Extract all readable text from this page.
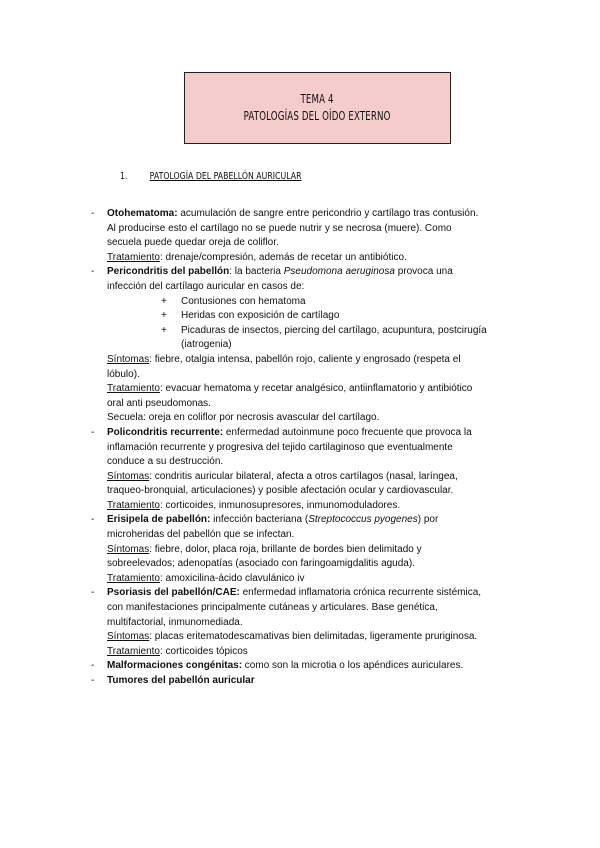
TEMA 4
PATOLOGÍAS DEL OÍDO EXTERNO
1. PATOLOGÍA DEL PABELLÓN AURICULAR
- Otohematoma: acumulación de sangre entre pericondrio y cartílago tras contusión.
Al producirse esto el cartílago no se puede nutrir y se necrosa (muere). Como
secuela puede quedar oreja de coliflor.
Tratamiento: drenaje/compresión, además de recetar un antibiótico.
- Pericondritis del pabellón: la bacteria Pseudomona aeruginosa provoca una
infección del cartílago auricular en casos de:
+ Contusiones con hematoma
+ Heridas con exposición de cartílago
+ Picaduras de insectos, piercing del cartílago, acupuntura, postcirugía
(iatrogenia)
Síntomas: fiebre, otalgia intensa, pabellón rojo, caliente y engrosado (respeta el
lóbulo).
Tratamiento: evacuar hematoma y recetar analgésico, antiinflamatorio y antibiótico
oral anti pseudomonas.
Secuela: oreja en coliflor por necrosis avascular del cartílago.
- Policondritis recurrente: enfermedad autoinmune poco frecuente que provoca la
inflamación recurrente y progresiva del tejido cartilaginoso que eventualmente
conduce a su destrucción.
Síntomas: condritis auricular bilateral, afecta a otros cartílagos (nasal, laríngea,
traqueo-bronquial, articulaciones) y posible afectación ocular y cardiovascular.
Tratamiento: corticoides, inmunosupresores, inmunomoduladores.
- Erisipela de pabellón: infección bacteriana (Streptococcus pyogenes) por
microheridas del pabellón que se infectan.
Síntomas: fiebre, dolor, placa roja, brillante de bordes bien delimitado y
sobreelevados; adenopatías (asociado con faringoamigdalitis aguda).
Tratamiento: amoxicilina-ácido clavulánico iv
- Psoriasis del pabellón/CAE: enfermedad inflamatoria crónica recurrente sistémica,
con manifestaciones principalmente cutáneas y articulares. Base genética,
multifactorial, inmunomediada.
Síntomas: placas eritematodescamativas bien delimitadas, ligeramente pruriginosa.
Tratamiento: corticoides tópicos
- Malformaciones congénitas: como son la microtia o los apéndices auriculares.
- Tumores del pabellón auricular
